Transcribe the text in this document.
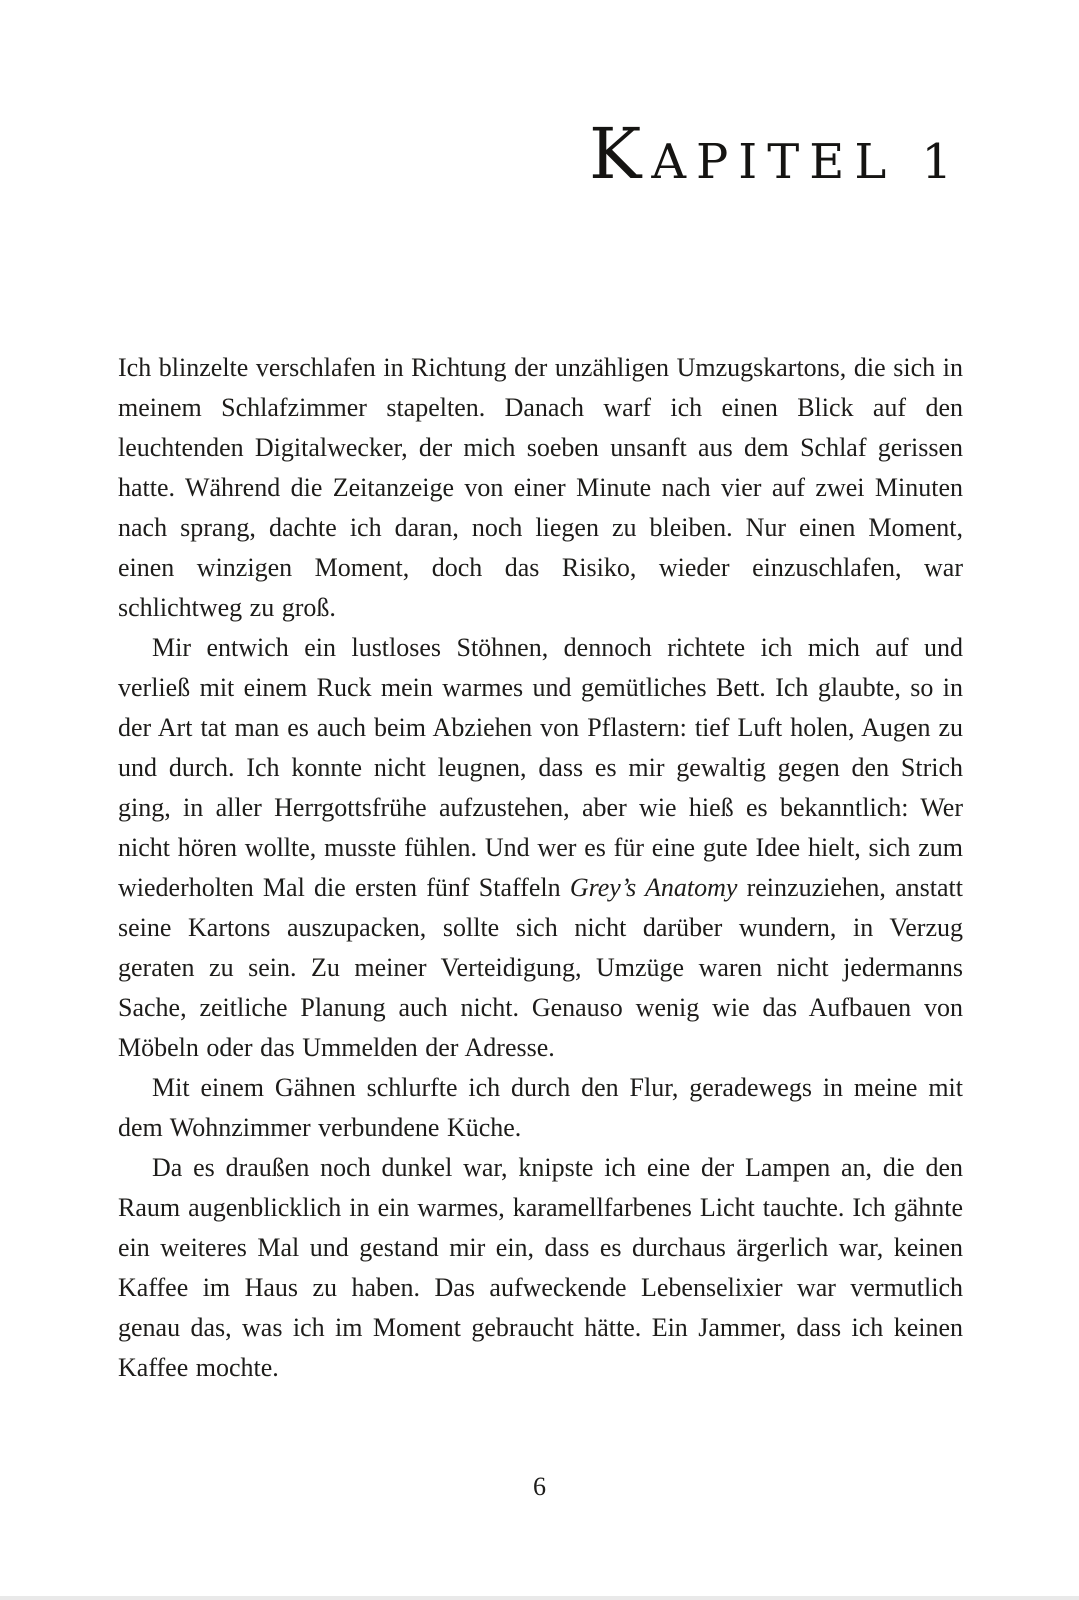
KAPITEL 1

Ich blinzelte verschlafen in Richtung der unzähligen Umzugskartons, die sich in meinem Schlafzimmer stapelten. Danach warf ich einen Blick auf den leuchtenden Digitalwecker, der mich soeben unsanft aus dem Schlaf gerissen hatte. Während die Zeitanzeige von einer Minute nach vier auf zwei Minuten nach sprang, dachte ich daran, noch liegen zu bleiben. Nur einen Moment, einen winzigen Moment, doch das Risiko, wieder einzuschlafen, war schlichtweg zu groß.

Mir entwich ein lustloses Stöhnen, dennoch richtete ich mich auf und verließ mit einem Ruck mein warmes und gemütliches Bett. Ich glaubte, so in der Art tat man es auch beim Abziehen von Pflastern: tief Luft holen, Augen zu und durch. Ich konnte nicht leugnen, dass es mir gewaltig gegen den Strich ging, in aller Herrgottsfrühe aufzustehen, aber wie hieß es bekanntlich: Wer nicht hören wollte, musste fühlen. Und wer es für eine gute Idee hielt, sich zum wiederholten Mal die ersten fünf Staffeln Grey’s Anatomy reinzuziehen, anstatt seine Kartons auszupacken, sollte sich nicht darüber wundern, in Verzug geraten zu sein. Zu meiner Verteidigung, Umzüge waren nicht jedermanns Sache, zeitliche Planung auch nicht. Genauso wenig wie das Aufbauen von Möbeln oder das Ummelden der Adresse.

Mit einem Gähnen schlurfte ich durch den Flur, geradewegs in meine mit dem Wohnzimmer verbundene Küche.

Da es draußen noch dunkel war, knipste ich eine der Lampen an, die den Raum augenblicklich in ein warmes, karamellfarbenes Licht tauchte. Ich gähnte ein weiteres Mal und gestand mir ein, dass es durchaus ärgerlich war, keinen Kaffee im Haus zu haben. Das aufweckende Lebenselixier war vermutlich genau das, was ich im Moment gebraucht hätte. Ein Jammer, dass ich keinen Kaffee mochte.

6
